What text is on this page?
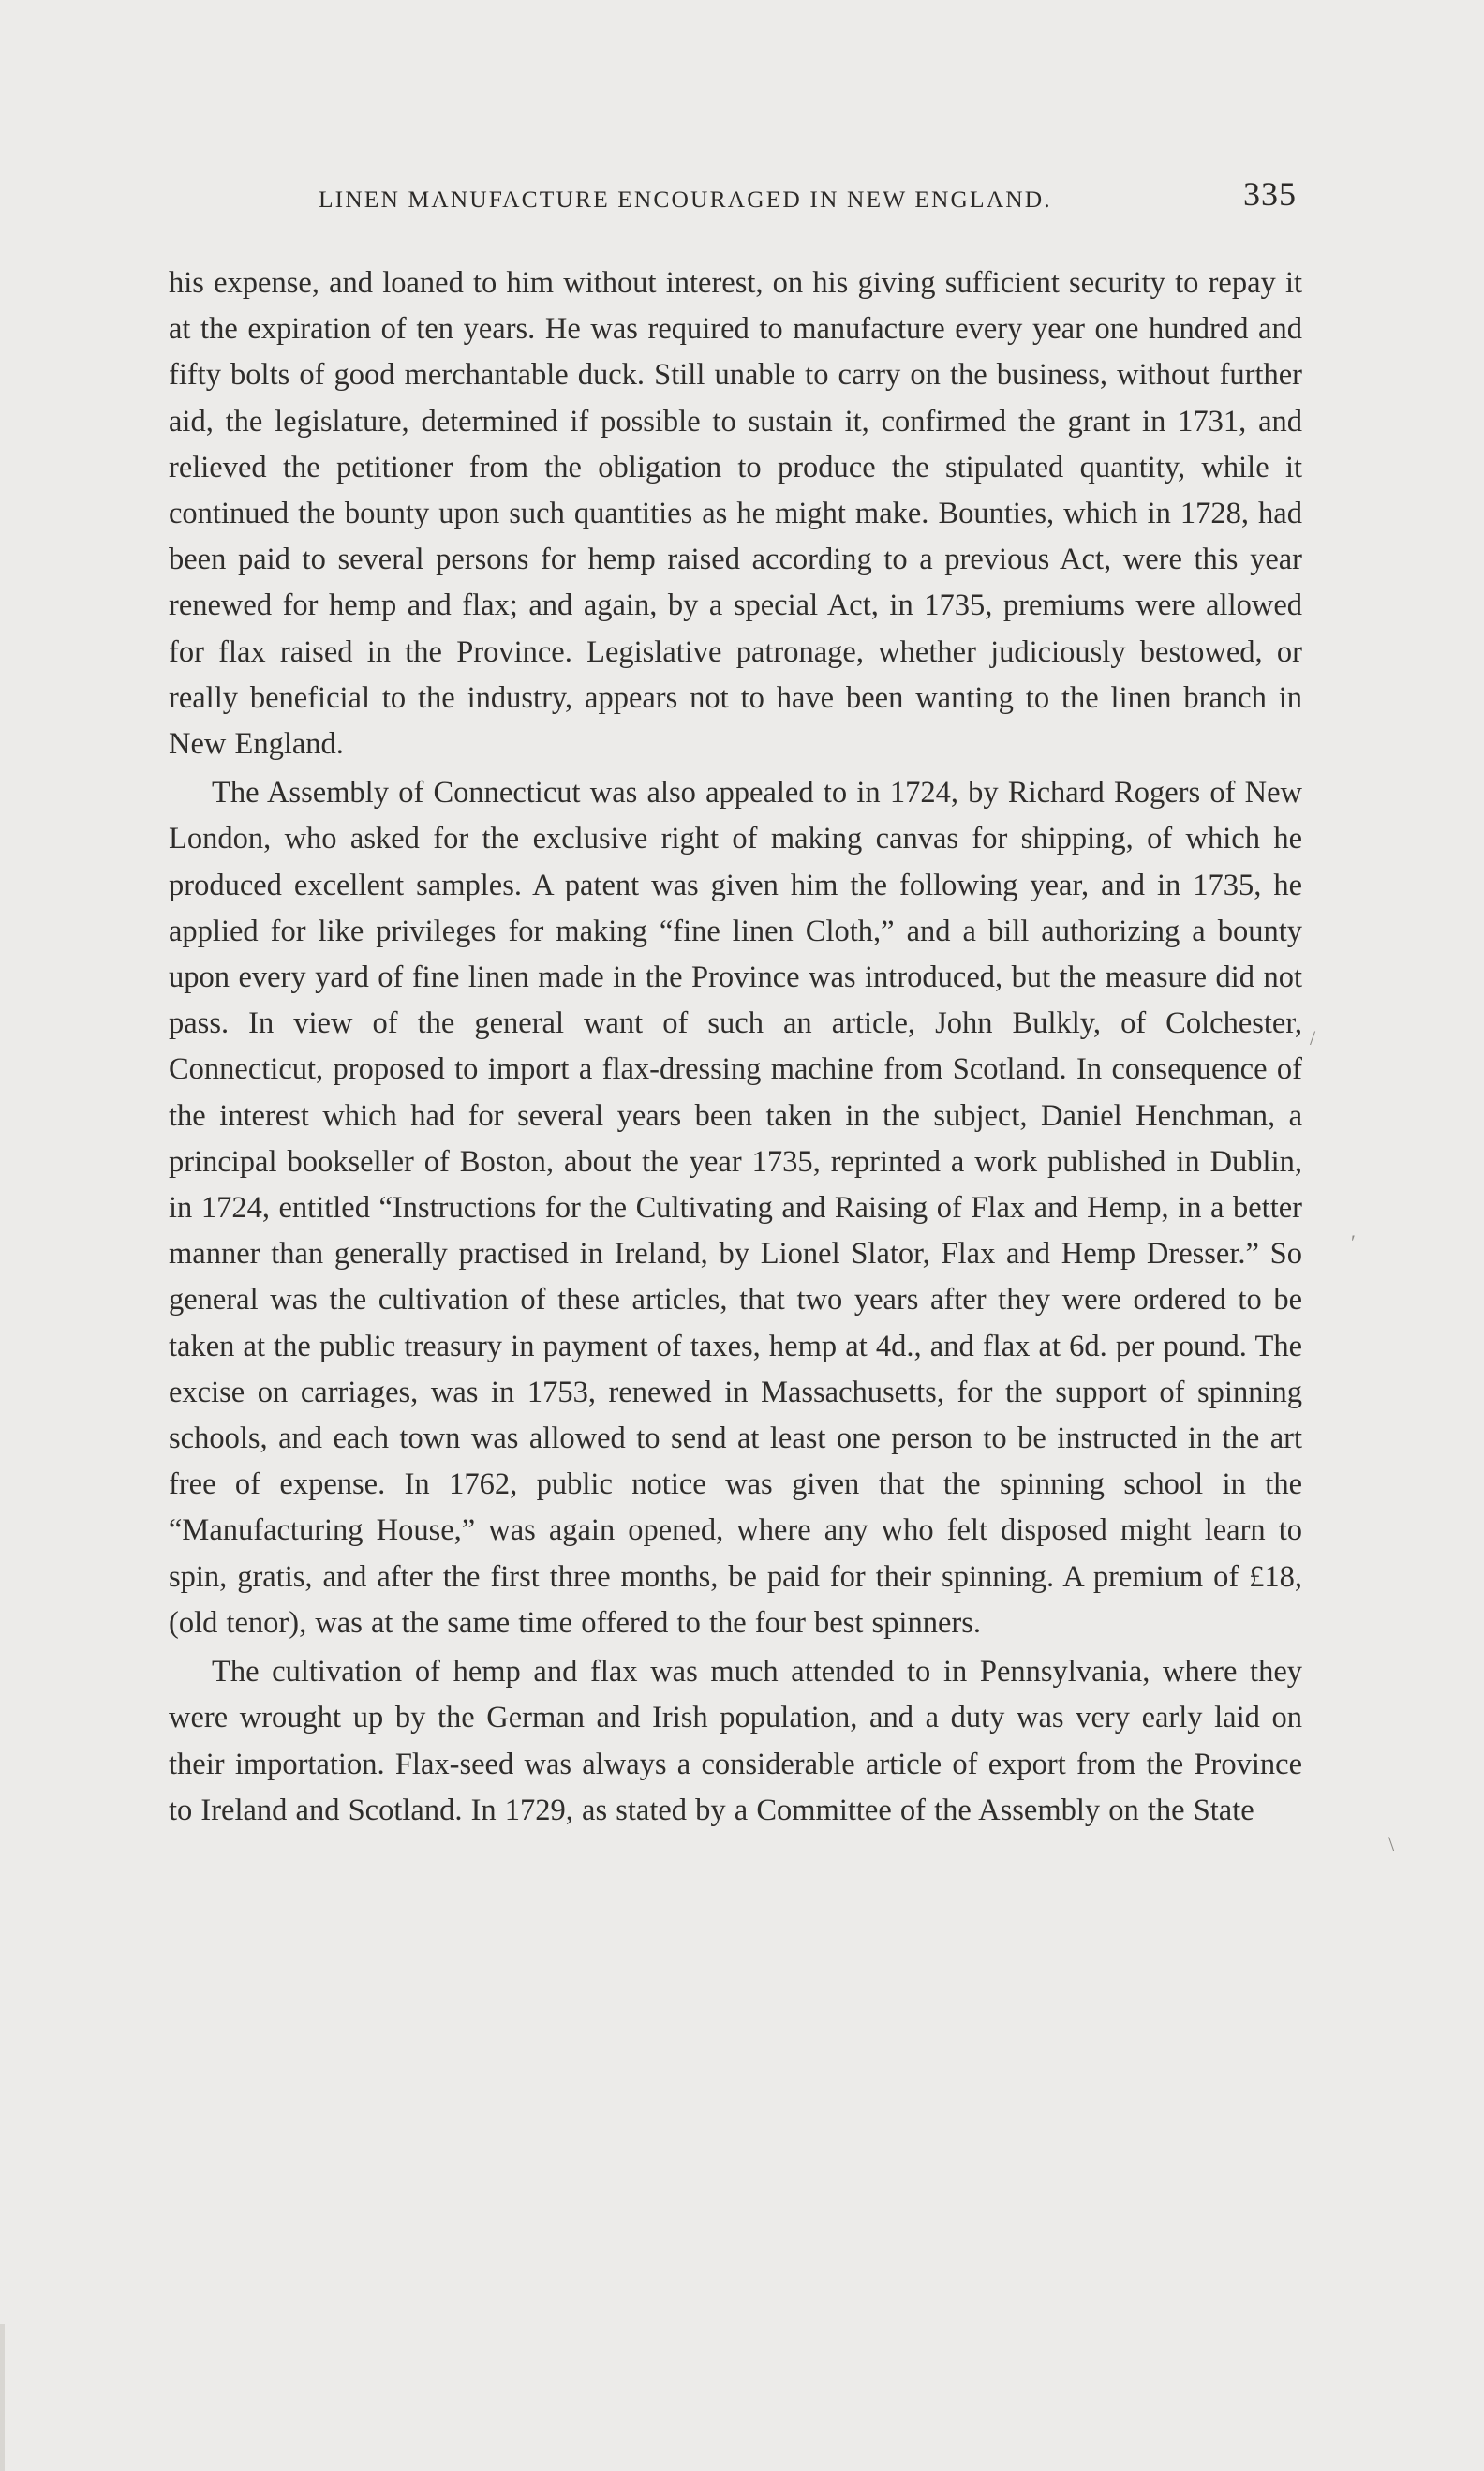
LINEN MANUFACTURE ENCOURAGED IN NEW ENGLAND.	335

his expense, and loaned to him without interest, on his giving sufficient security to repay it at the expiration of ten years. He was required to manufacture every year one hundred and fifty bolts of good merchantable duck. Still unable to carry on the business, without further aid, the legislature, determined if possible to sustain it, confirmed the grant in 1731, and relieved the petitioner from the obligation to produce the stipulated quantity, while it continued the bounty upon such quantities as he might make. Bounties, which in 1728, had been paid to several persons for hemp raised according to a previous Act, were this year renewed for hemp and flax; and again, by a special Act, in 1735, premiums were allowed for flax raised in the Province. Legislative patronage, whether judiciously bestowed, or really beneficial to the industry, appears not to have been wanting to the linen branch in New England.

The Assembly of Connecticut was also appealed to in 1724, by Richard Rogers of New London, who asked for the exclusive right of making canvas for shipping, of which he produced excellent samples. A patent was given him the following year, and in 1735, he applied for like privileges for making “fine linen Cloth,” and a bill authorizing a bounty upon every yard of fine linen made in the Province was introduced, but the measure did not pass. In view of the general want of such an article, John Bulkly, of Colchester, Connecticut, proposed to import a flax-dressing machine from Scotland. In consequence of the interest which had for several years been taken in the subject, Daniel Henchman, a principal bookseller of Boston, about the year 1735, reprinted a work published in Dublin, in 1724, entitled “Instructions for the Cultivating and Raising of Flax and Hemp, in a better manner than generally practised in Ireland, by Lionel Slator, Flax and Hemp Dresser.” So general was the cultivation of these articles, that two years after they were ordered to be taken at the public treasury in payment of taxes, hemp at 4d., and flax at 6d. per pound. The excise on carriages, was in 1753, renewed in Massachusetts, for the support of spinning schools, and each town was allowed to send at least one person to be instructed in the art free of expense. In 1762, public notice was given that the spinning school in the “Manufacturing House,” was again opened, where any who felt disposed might learn to spin, gratis, and after the first three months, be paid for their spinning. A premium of £18, (old tenor), was at the same time offered to the four best spinners.

The cultivation of hemp and flax was much attended to in Pennsylvania, where they were wrought up by the German and Irish population, and a duty was very early laid on their importation. Flax-seed was always a considerable article of export from the Province to Ireland and Scotland. In 1729, as stated by a Committee of the Assembly on the State

/
′
\
